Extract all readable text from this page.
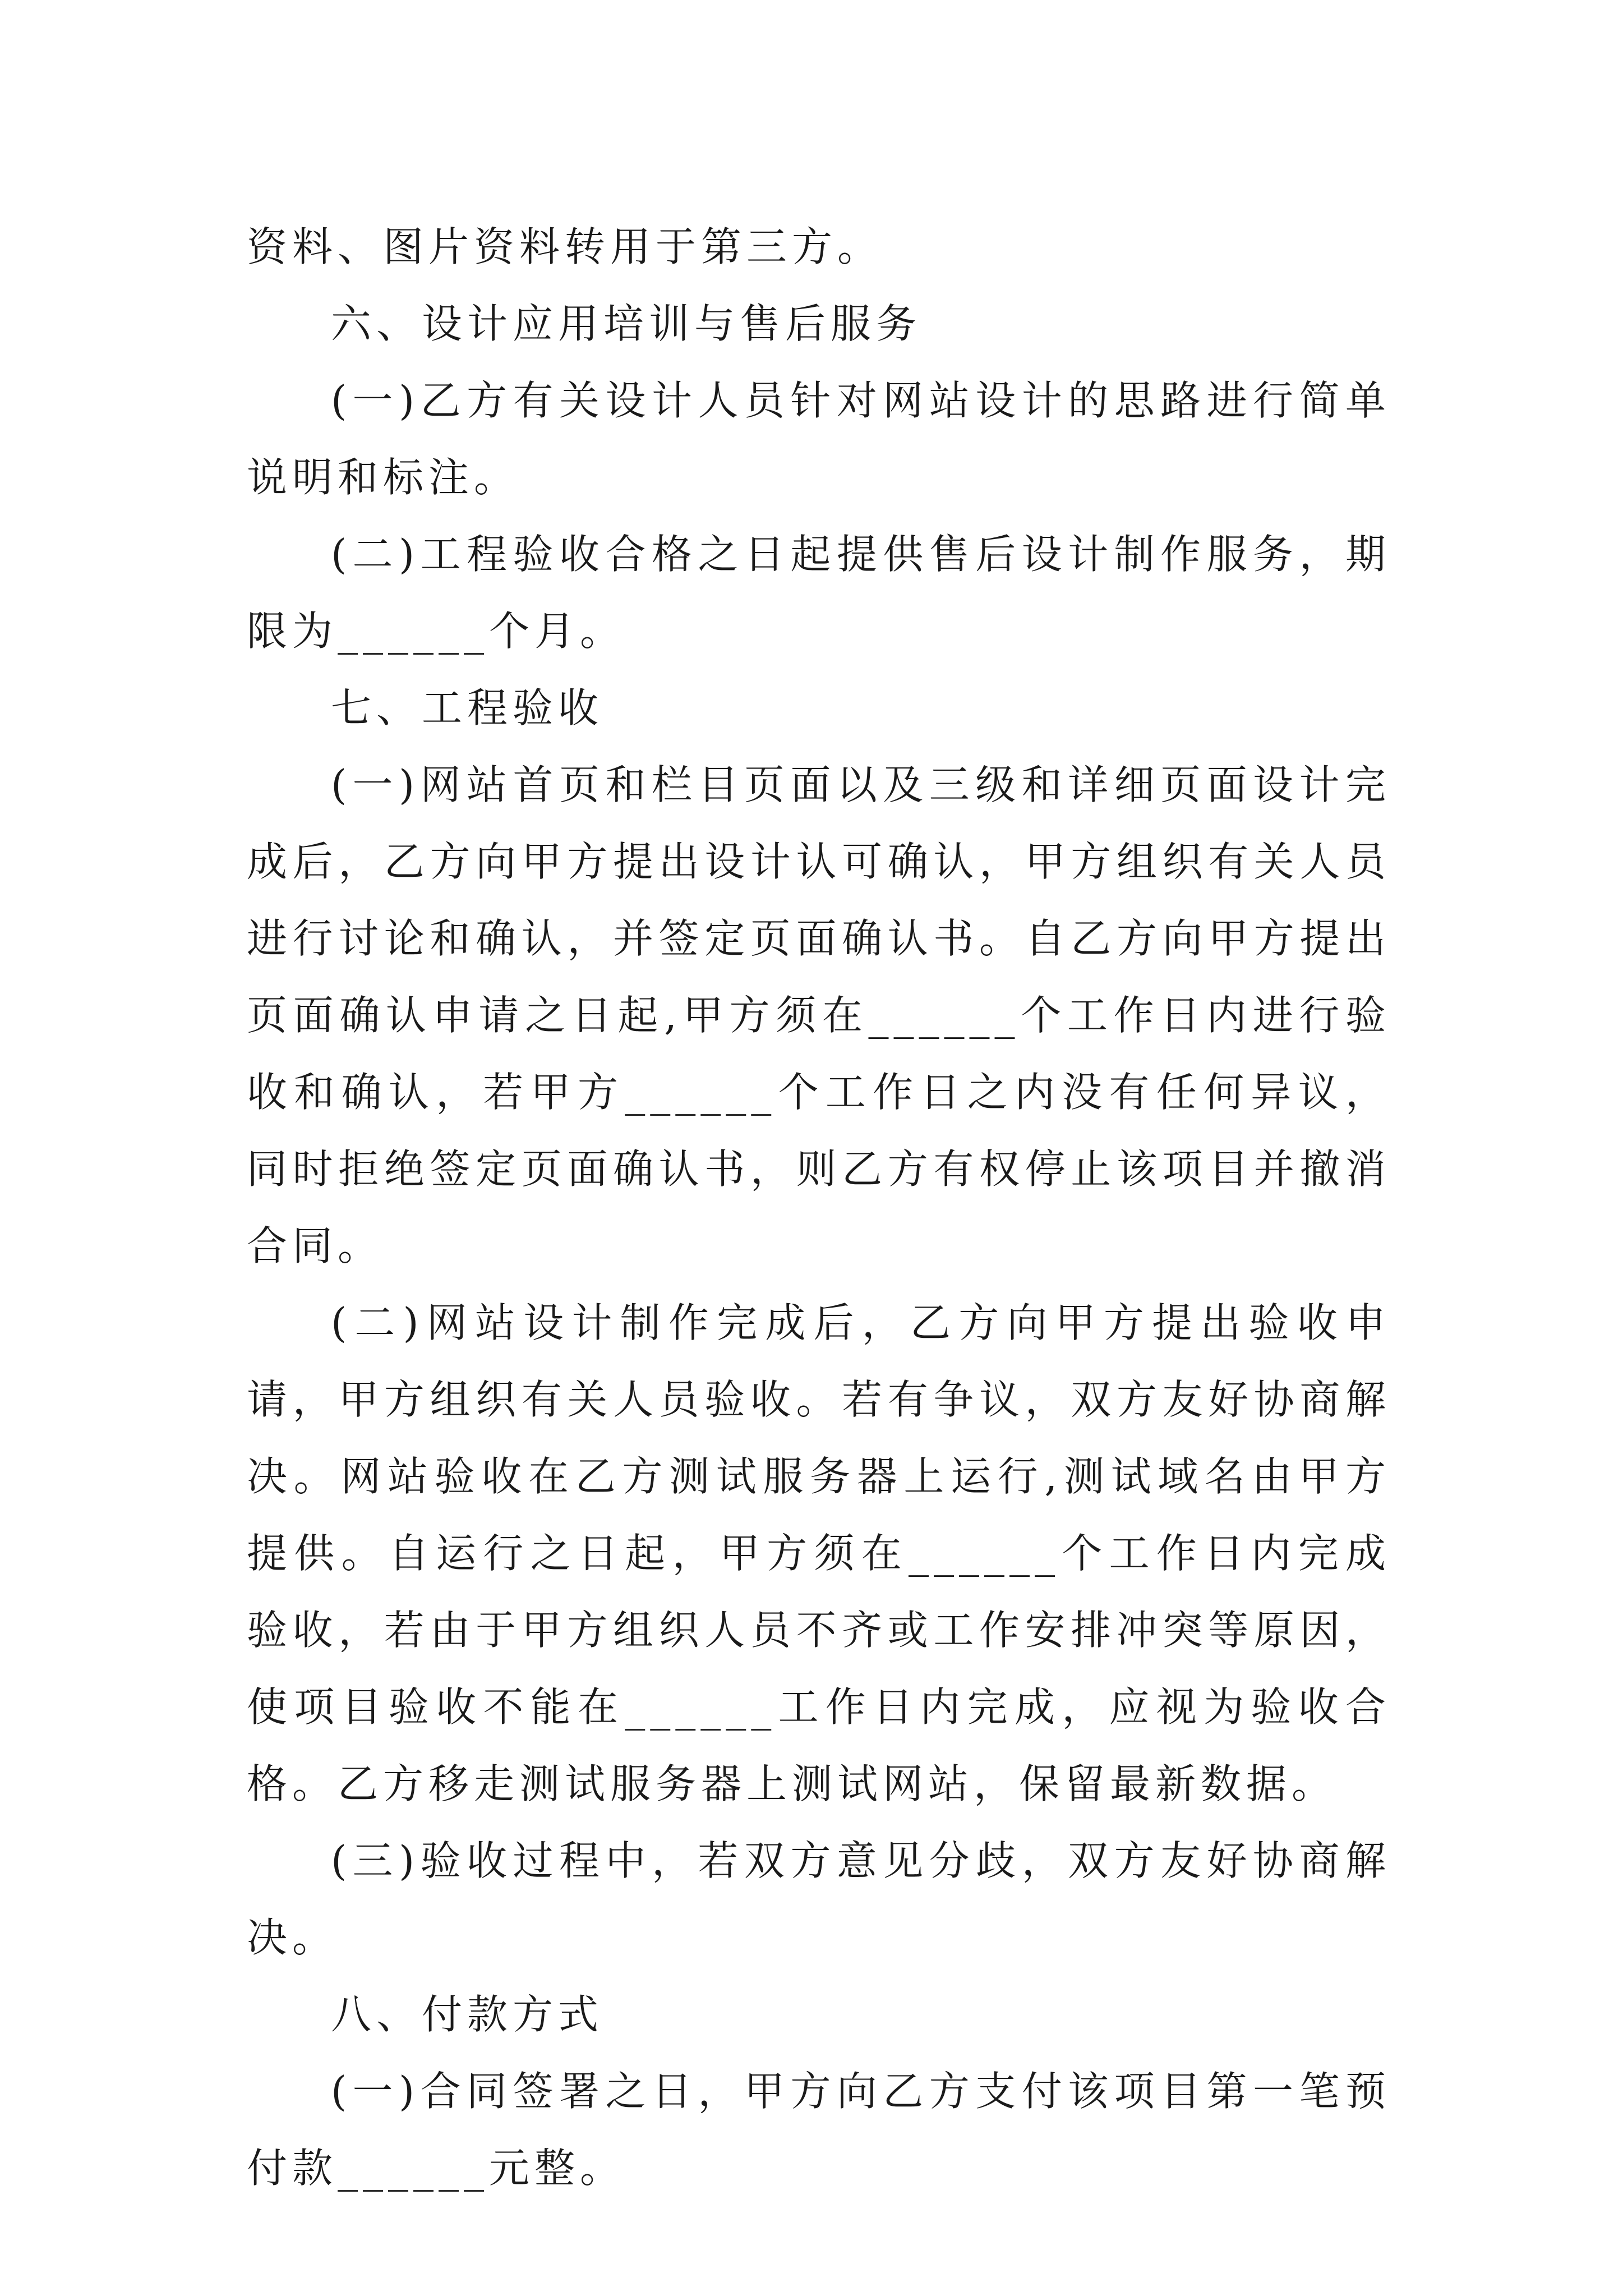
资料、图片资料转用于第三方。

六、设计应用培训与售后服务

(一)乙方有关设计人员针对网站设计的思路进行简单说明和标注。

(二)工程验收合格之日起提供售后设计制作服务，期限为______个月。

七、工程验收

(一)网站首页和栏目页面以及三级和详细页面设计完成后，乙方向甲方提出设计认可确认，甲方组织有关人员进行讨论和确认，并签定页面确认书。自乙方向甲方提出页面确认申请之日起,甲方须在______个工作日内进行验收和确认，若甲方______个工作日之内没有任何异议，同时拒绝签定页面确认书，则乙方有权停止该项目并撤消合同。

(二)网站设计制作完成后，乙方向甲方提出验收申请，甲方组织有关人员验收。若有争议，双方友好协商解决。网站验收在乙方测试服务器上运行,测试域名由甲方提供。自运行之日起，甲方须在______个工作日内完成验收，若由于甲方组织人员不齐或工作安排冲突等原因，使项目验收不能在______工作日内完成，应视为验收合格。乙方移走测试服务器上测试网站，保留最新数据。

(三)验收过程中，若双方意见分歧，双方友好协商解决。

八、付款方式

(一)合同签署之日，甲方向乙方支付该项目第一笔预付款______元整。
